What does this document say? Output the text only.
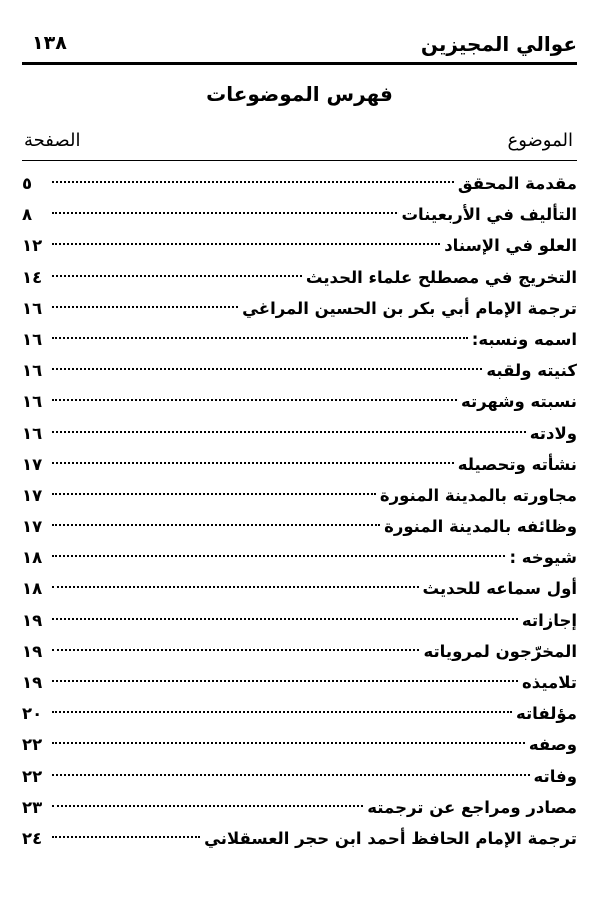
عوالي المجيزين
١٣٨
فهرس الموضوعات
الموضوع
الصفحة
مقدمة المحقق
٥
التأليف في الأربعينات
٨
العلو في الإسناد
١٢
التخريج في مصطلح علماء الحديث
١٤
ترجمة الإمام أبي بكر بن الحسين المراغي
١٦
اسمه ونسبه:
١٦
كنيته ولقبه
١٦
نسبته وشهرته
١٦
ولادته
١٦
نشأته وتحصيله
١٧
مجاورته بالمدينة المنورة
١٧
وظائفه بالمدينة المنورة
١٧
شيوخه :
١٨
أول سماعه للحديث
١٨
إجازاته
١٩
المخرّجون لمروياته
١٩
تلاميذه
١٩
مؤلفاته
٢٠
وصفه
٢٢
وفاته
٢٢
مصادر ومراجع عن ترجمته
٢٣
ترجمة الإمام الحافظ أحمد ابن حجر العسقلاني
٢٤
